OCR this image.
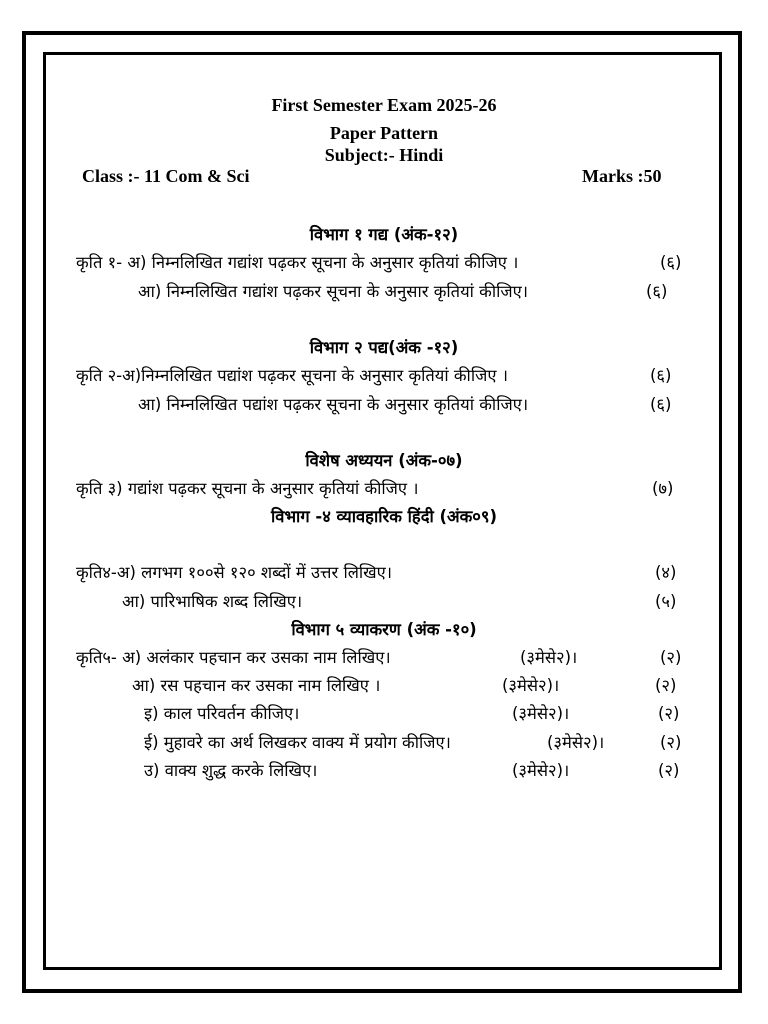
First Semester Exam 2025-26
Paper Pattern
Subject:- Hindi
Class :- 11 Com & Sci	Marks :50
विभाग १ गद्य (अंक-१२)
कृति १- अ) निम्नलिखित गद्यांश पढ़कर सूचना के अनुसार कृतियां कीजिए ।	(६)
आ) निम्नलिखित गद्यांश पढ़कर सूचना के अनुसार कृतियां कीजिए।	(६)
विभाग २ पद्य(अंक -१२)
कृति २-अ)निम्नलिखित पद्यांश पढ़कर सूचना के अनुसार कृतियां कीजिए ।	(६)
आ) निम्नलिखित पद्यांश पढ़कर सूचना के अनुसार कृतियां कीजिए।	(६)
विशेष अध्ययन (अंक-०७)
कृति ३) गद्यांश पढ़कर सूचना के अनुसार कृतियां कीजिए ।	(७)
विभाग -४ व्यावहारिक हिंदी (अंक०९)
कृति४-अ) लगभग १००से १२० शब्दों में उत्तर लिखिए।	(४)
आ) पारिभाषिक शब्द लिखिए।	(५)
विभाग ५ व्याकरण (अंक -१०)
कृति५- अ) अलंकार पहचान कर उसका नाम लिखिए।	(३मेसे२)।	(२)
आ) रस पहचान कर उसका नाम लिखिए ।	(३मेसे२)।	(२)
इ) काल परिवर्तन कीजिए।	(३मेसे२)।	(२)
ई) मुहावरे का अर्थ लिखकर वाक्य में प्रयोग कीजिए।	(३मेसे२)।	(२)
उ) वाक्य शुद्ध करके लिखिए।	(३मेसे२)।	(२)
